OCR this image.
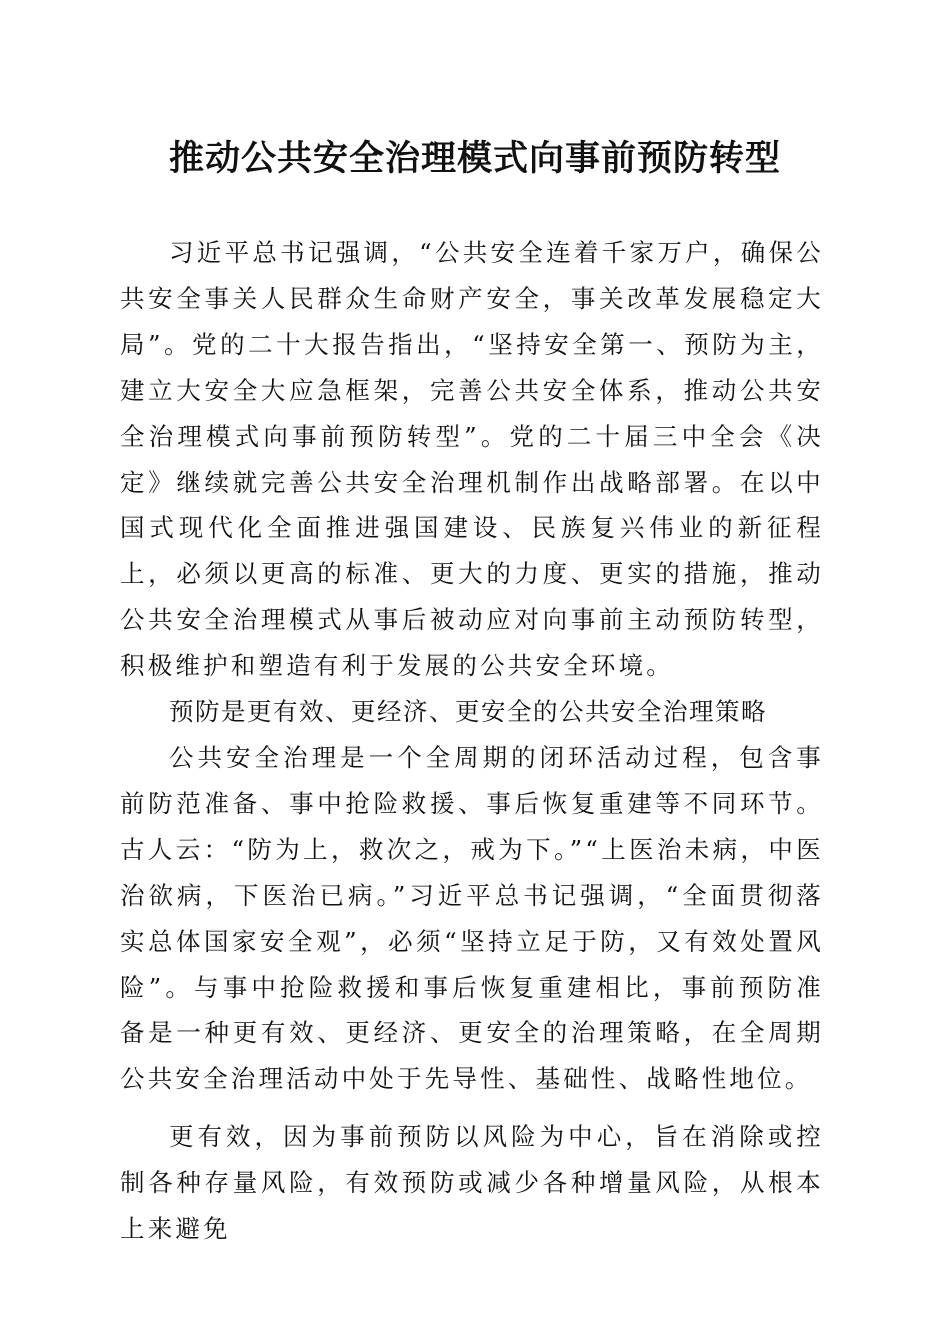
推动公共安全治理模式向事前预防转型

习近平总书记强调，“公共安全连着千家万户，确保公共安全事关人民群众生命财产安全，事关改革发展稳定大局”。党的二十大报告指出，“坚持安全第一、预防为主，建立大安全大应急框架，完善公共安全体系，推动公共安全治理模式向事前预防转型”。党的二十届三中全会《决定》继续就完善公共安全治理机制作出战略部署。在以中国式现代化全面推进强国建设、民族复兴伟业的新征程上，必须以更高的标准、更大的力度、更实的措施，推动公共安全治理模式从事后被动应对向事前主动预防转型，积极维护和塑造有利于发展的公共安全环境。

预防是更有效、更经济、更安全的公共安全治理策略

公共安全治理是一个全周期的闭环活动过程，包含事前防范准备、事中抢险救援、事后恢复重建等不同环节。古人云：“防为上，救次之，戒为下。”“上医治未病，中医治欲病，下医治已病。”习近平总书记强调，“全面贯彻落实总体国家安全观”，必须“坚持立足于防，又有效处置风险”。与事中抢险救援和事后恢复重建相比，事前预防准备是一种更有效、更经济、更安全的治理策略，在全周期公共安全治理活动中处于先导性、基础性、战略性地位。

更有效，因为事前预防以风险为中心，旨在消除或控制各种存量风险，有效预防或减少各种增量风险，从根本上来避免
